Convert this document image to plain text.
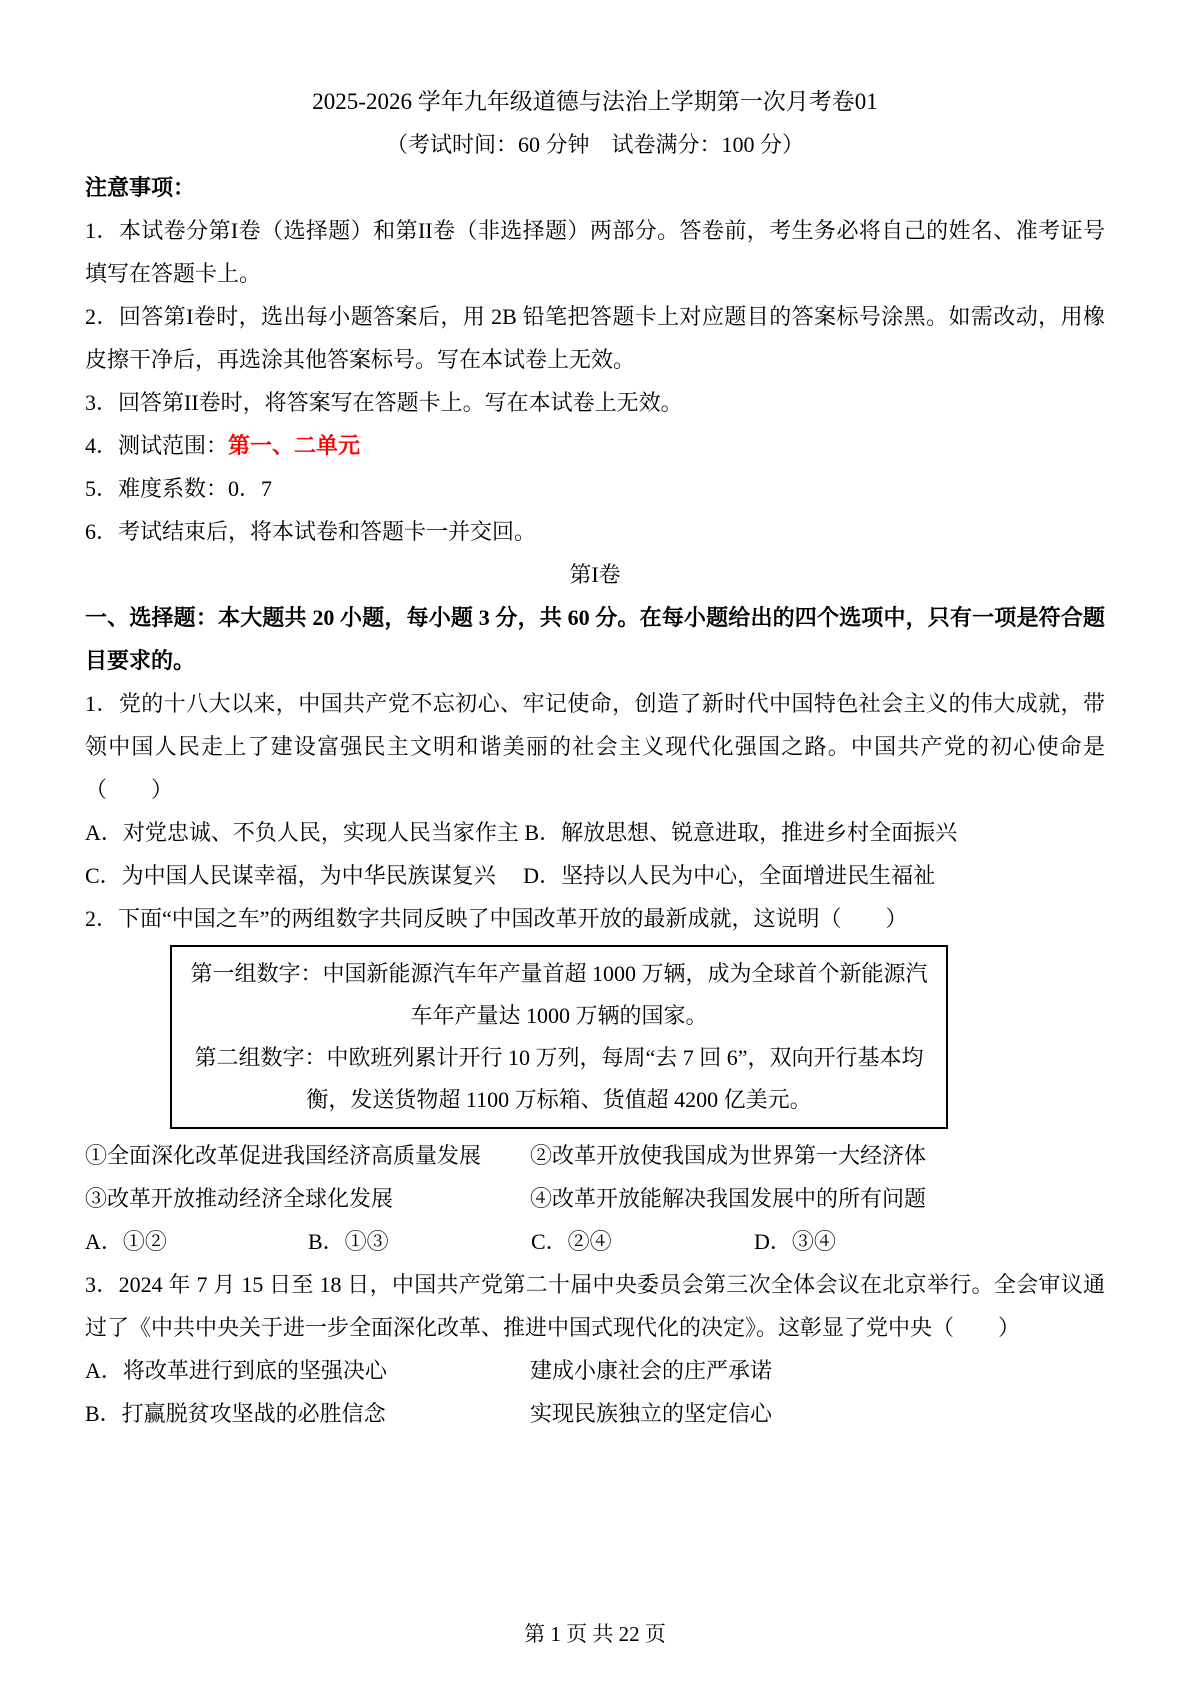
2025-2026 学年九年级道德与法治上学期第一次月考卷01

（考试时间：60 分钟　试卷满分：100 分）

注意事项：

1．本试卷分第I卷（选择题）和第II卷（非选择题）两部分。答卷前，考生务必将自己的姓名、准考证号填写在答题卡上。

2．回答第I卷时，选出每小题答案后，用 2B 铅笔把答题卡上对应题目的答案标号涂黑。如需改动，用橡皮擦干净后，再选涂其他答案标号。写在本试卷上无效。

3．回答第II卷时，将答案写在答题卡上。写在本试卷上无效。

4．测试范围：第一、二单元

5．难度系数：0．7

6．考试结束后，将本试卷和答题卡一并交回。

第I卷

一、选择题：本大题共 20 小题，每小题 3 分，共 60 分。在每小题给出的四个选项中，只有一项是符合题目要求的。

1．党的十八大以来，中国共产党不忘初心、牢记使命，创造了新时代中国特色社会主义的伟大成就，带领中国人民走上了建设富强民主文明和谐美丽的社会主义现代化强国之路。中国共产党的初心使命是（　　）

A．对党忠诚、不负人民，实现人民当家作主 B．解放思想、锐意进取，推进乡村全面振兴

C．为中国人民谋幸福，为中华民族谋复兴　 D．坚持以人民为中心，全面增进民生福祉

2．下面“中国之车”的两组数字共同反映了中国改革开放的最新成就，这说明（　　）

第一组数字：中国新能源汽车年产量首超 1000 万辆，成为全球首个新能源汽车年产量达 1000 万辆的国家。

第二组数字：中欧班列累计开行 10 万列，每周“去 7 回 6”，双向开行基本均衡，发送货物超 1100 万标箱、货值超 4200 亿美元。

①全面深化改革促进我国经济高质量发展	②改革开放使我国成为世界第一大经济体
③改革开放推动经济全球化发展	④改革开放能解决我国发展中的所有问题
A．①②	B．①③	C．②④	D．③④

3．2024 年 7 月 15 日至 18 日，中国共产党第二十届中央委员会第三次全体会议在北京举行。全会审议通过了《中共中央关于进一步全面深化改革、推进中国式现代化的决定》。这彰显了党中央（　　）

A．将改革进行到底的坚强决心	建成小康社会的庄严承诺
B．打赢脱贫攻坚战的必胜信念	实现民族独立的坚定信心
第 1 页 共 22 页
